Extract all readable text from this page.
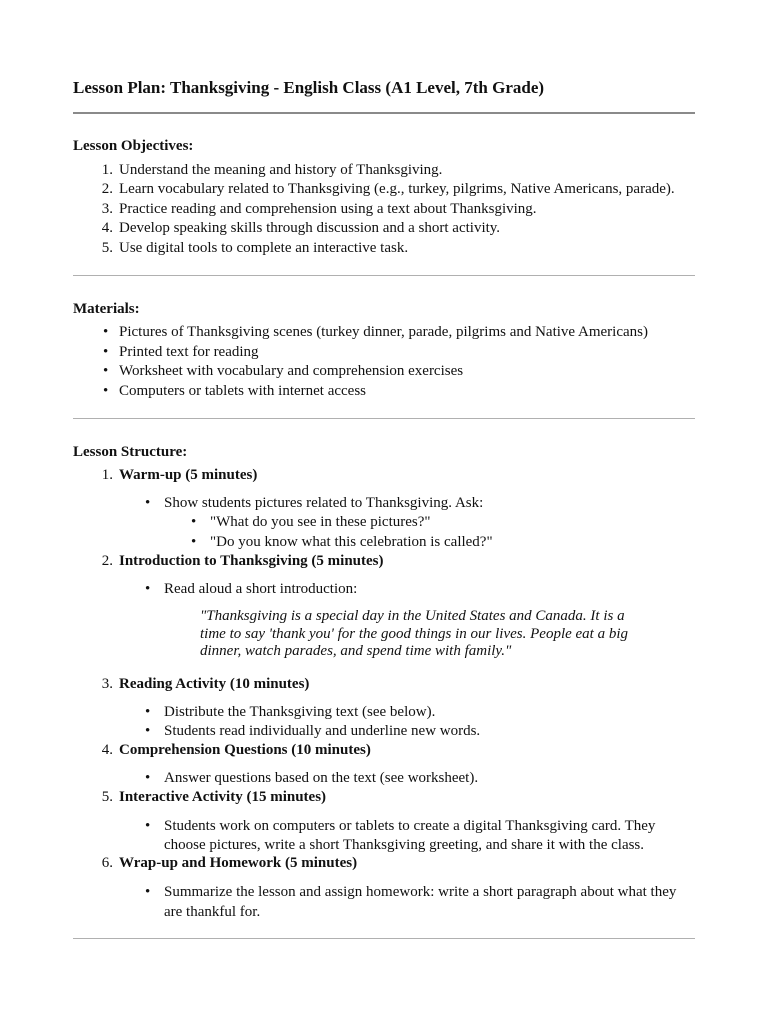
Lesson Plan: Thanksgiving - English Class (A1 Level, 7th Grade)
Lesson Objectives:
1. Understand the meaning and history of Thanksgiving.
2. Learn vocabulary related to Thanksgiving (e.g., turkey, pilgrims, Native Americans, parade).
3. Practice reading and comprehension using a text about Thanksgiving.
4. Develop speaking skills through discussion and a short activity.
5. Use digital tools to complete an interactive task.
Materials:
• Pictures of Thanksgiving scenes (turkey dinner, parade, pilgrims and Native Americans)
• Printed text for reading
• Worksheet with vocabulary and comprehension exercises
• Computers or tablets with internet access
Lesson Structure:
1. Warm-up (5 minutes)
• Show students pictures related to Thanksgiving. Ask:
• "What do you see in these pictures?"
• "Do you know what this celebration is called?"
2. Introduction to Thanksgiving (5 minutes)
• Read aloud a short introduction:
"Thanksgiving is a special day in the United States and Canada. It is a
time to say 'thank you' for the good things in our lives. People eat a big
dinner, watch parades, and spend time with family."
3. Reading Activity (10 minutes)
• Distribute the Thanksgiving text (see below).
• Students read individually and underline new words.
4. Comprehension Questions (10 minutes)
• Answer questions based on the text (see worksheet).
5. Interactive Activity (15 minutes)
• Students work on computers or tablets to create a digital Thanksgiving card. They
choose pictures, write a short Thanksgiving greeting, and share it with the class.
6. Wrap-up and Homework (5 minutes)
• Summarize the lesson and assign homework: write a short paragraph about what they
are thankful for.
